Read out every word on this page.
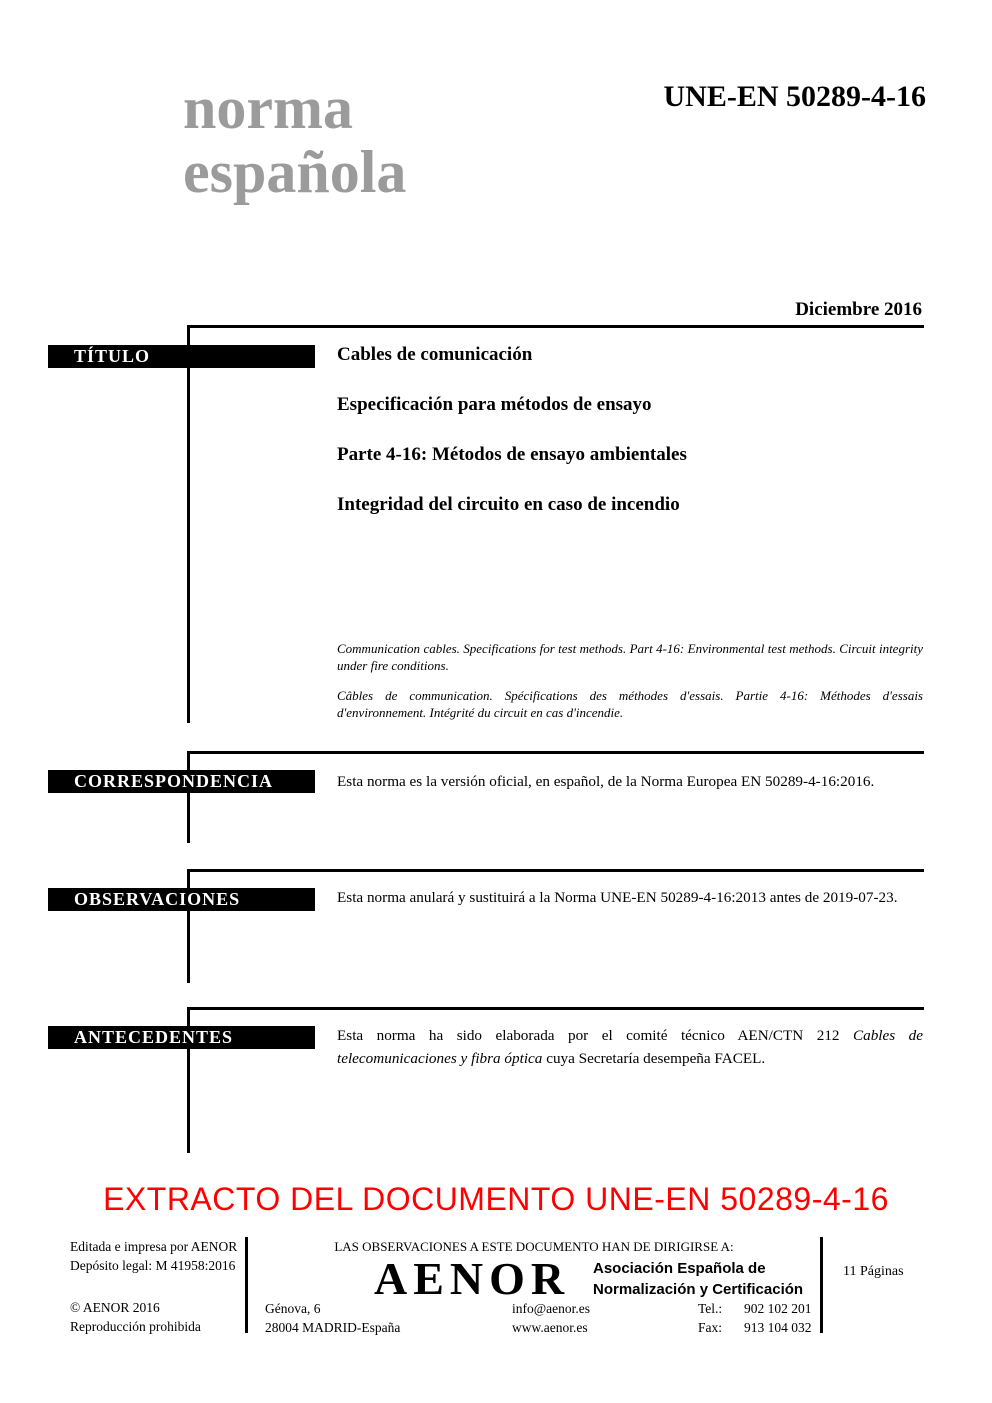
norma
española
UNE-EN 50289-4-16
Diciembre 2016
TÍTULO	Cables de comunicación
Especificación para métodos de ensayo
Parte 4-16: Métodos de ensayo ambientales
Integridad del circuito en caso de incendio
Communication cables. Specifications for test methods. Part 4-16: Environmental test methods. Circuit integrity under fire conditions.
Câbles de communication. Spécifications des méthodes d'essais. Partie 4-16: Méthodes d'essais d'environnement. Intégrité du circuit en cas d'incendie.
CORRESPONDENCIA	Esta norma es la versión oficial, en español, de la Norma Europea EN 50289-4-16:2016.
OBSERVACIONES	Esta norma anulará y sustituirá a la Norma UNE-EN 50289-4-16:2013 antes de 2019-07-23.
ANTECEDENTES	Esta norma ha sido elaborada por el comité técnico AEN/CTN 212 Cables de telecomunicaciones y fibra óptica cuya Secretaría desempeña FACEL.
EXTRACTO DEL DOCUMENTO UNE-EN 50289-4-16
Editada e impresa por AENOR
Depósito legal: M 41958:2016
© AENOR 2016
Reproducción prohibida
LAS OBSERVACIONES A ESTE DOCUMENTO HAN DE DIRIGIRSE A:
AENOR Asociación Española de
Normalización y Certificación
Génova, 6
28004 MADRID-España
info@aenor.es
www.aenor.es
Tel.:	902 102 201
Fax:	913 104 032
11 Páginas
